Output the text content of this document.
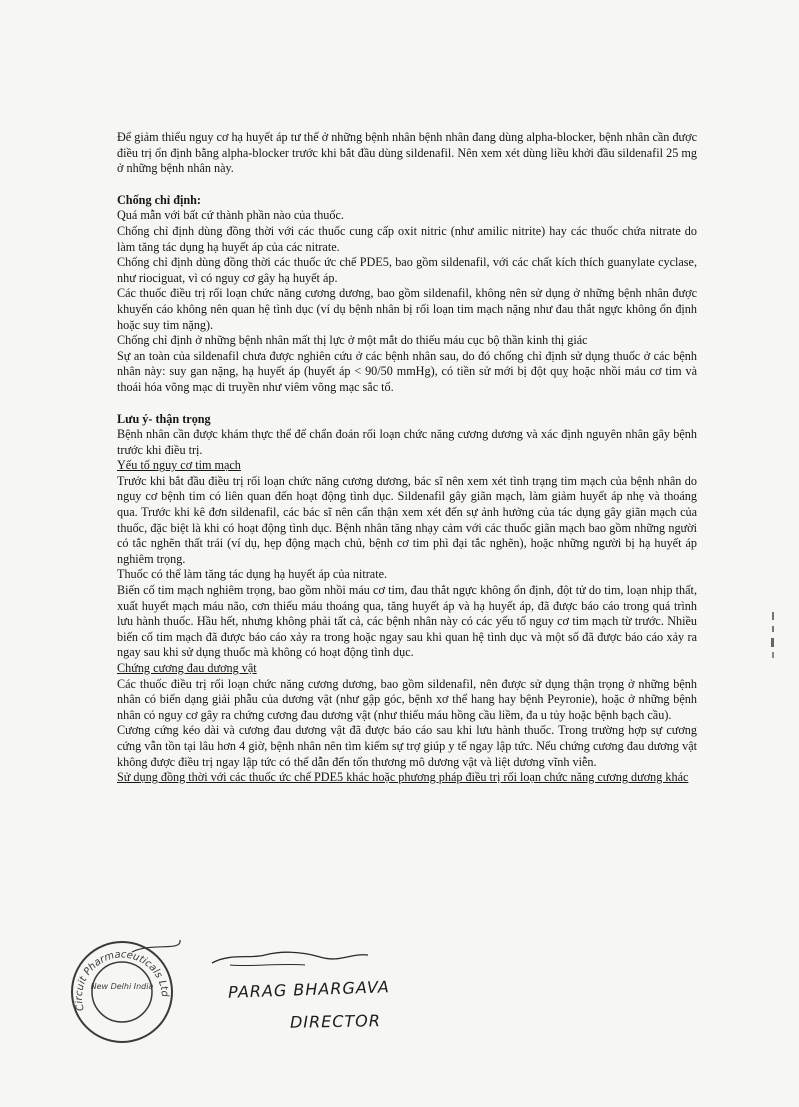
Để giảm thiểu nguy cơ hạ huyết áp tư thế ở những bệnh nhân bệnh nhân đang dùng alpha-blocker, bệnh nhân cần được điều trị ổn định bằng alpha-blocker trước khi bắt đầu dùng sildenafil. Nên xem xét dùng liều khởi đầu sildenafil 25 mg ở những bệnh nhân này.

Chống chỉ định:

Quá mẫn với bất cứ thành phần nào của thuốc.

Chống chỉ định dùng đồng thời với các thuốc cung cấp oxit nitric (như amilic nitrite) hay các thuốc chứa nitrate do làm tăng tác dụng hạ huyết áp của các nitrate.

Chống chỉ định dùng đồng thời các thuốc ức chế PDE5, bao gồm sildenafil, với các chất kích thích guanylate cyclase, như riociguat, vì có nguy cơ gây hạ huyết áp.

Các thuốc điều trị rối loạn chức năng cương dương, bao gồm sildenafil, không nên sử dụng ở những bệnh nhân được khuyến cáo không nên quan hệ tình dục (ví dụ bệnh nhân bị rối loạn tim mạch nặng như đau thắt ngực không ổn định hoặc suy tim nặng).

Chống chỉ định ở những bệnh nhân mất thị lực ở một mắt do thiếu máu cục bộ thần kinh thị giác

Sự an toàn của sildenafil chưa được nghiên cứu ở các bệnh nhân sau, do đó chống chỉ định sử dụng thuốc ở các bệnh nhân này: suy gan nặng, hạ huyết áp (huyết áp < 90/50 mmHg), có tiền sử mới bị đột quỵ hoặc nhồi máu cơ tim và thoái hóa võng mạc di truyền như viêm võng mạc sắc tố.

Lưu ý- thận trọng

Bệnh nhân cần được khám thực thể để chẩn đoán rối loạn chức năng cương dương và xác định nguyên nhân gây bệnh trước khi điều trị.

Yếu tố nguy cơ tim mạch

Trước khi bắt đầu điều trị rối loạn chức năng cương dương, bác sĩ nên xem xét tình trạng tim mạch của bệnh nhân do nguy cơ bệnh tim có liên quan đến hoạt động tình dục. Sildenafil gây giãn mạch, làm giảm huyết áp nhẹ và thoáng qua. Trước khi kê đơn sildenafil, các bác sĩ nên cẩn thận xem xét đến sự ảnh hưởng của tác dụng gây giãn mạch của thuốc, đặc biệt là khi có hoạt động tình dục. Bệnh nhân tăng nhạy cảm với các thuốc giãn mạch bao gồm những người có tắc nghẽn thất trái (ví dụ, hẹp động mạch chủ, bệnh cơ tim phì đại tắc nghẽn), hoặc những người bị hạ huyết áp nghiêm trọng.

Thuốc có thể làm tăng tác dụng hạ huyết áp của nitrate.

Biến cố tim mạch nghiêm trọng, bao gồm nhồi máu cơ tim, đau thắt ngực không ổn định, đột tử do tim, loạn nhịp thất, xuất huyết mạch máu não, cơn thiếu máu thoáng qua, tăng huyết áp và hạ huyết áp, đã được báo cáo trong quá trình lưu hành thuốc. Hầu hết, nhưng không phải tất cả, các bệnh nhân này có các yếu tố nguy cơ tim mạch từ trước. Nhiều biến cố tim mạch đã được báo cáo xảy ra trong hoặc ngay sau khi quan hệ tình dục và một số đã được báo cáo xảy ra ngay sau khi sử dụng thuốc mà không có hoạt động tình dục.

Chứng cương đau dương vật

Các thuốc điều trị rối loạn chức năng cương dương, bao gồm sildenafil, nên được sử dụng thận trọng ở những bệnh nhân có biến dạng giải phẫu của dương vật (như gập góc, bệnh xơ thể hang hay bệnh Peyronie), hoặc ở những bệnh nhân có nguy cơ gây ra chứng cương đau dương vật (như thiếu máu hồng cầu liềm, đa u tủy hoặc bệnh bạch cầu).

Cương cứng kéo dài và cương đau dương vật đã được báo cáo sau khi lưu hành thuốc. Trong trường hợp sự cương cứng vẫn tồn tại lâu hơn 4 giờ, bệnh nhân nên tìm kiếm sự trợ giúp y tế ngay lập tức. Nếu chứng cương đau dương vật không được điều trị ngay lập tức có thể dẫn đến tổn thương mô dương vật và liệt dương vĩnh viễn.

Sử dụng đồng thời với các thuốc ức chế PDE5 khác hoặc phương pháp điều trị rối loạn chức năng cương dương khác

Circuit Pharmaceuticals Ltd
New Delhi India	PARAG BHARGAVA
DIRECTOR
